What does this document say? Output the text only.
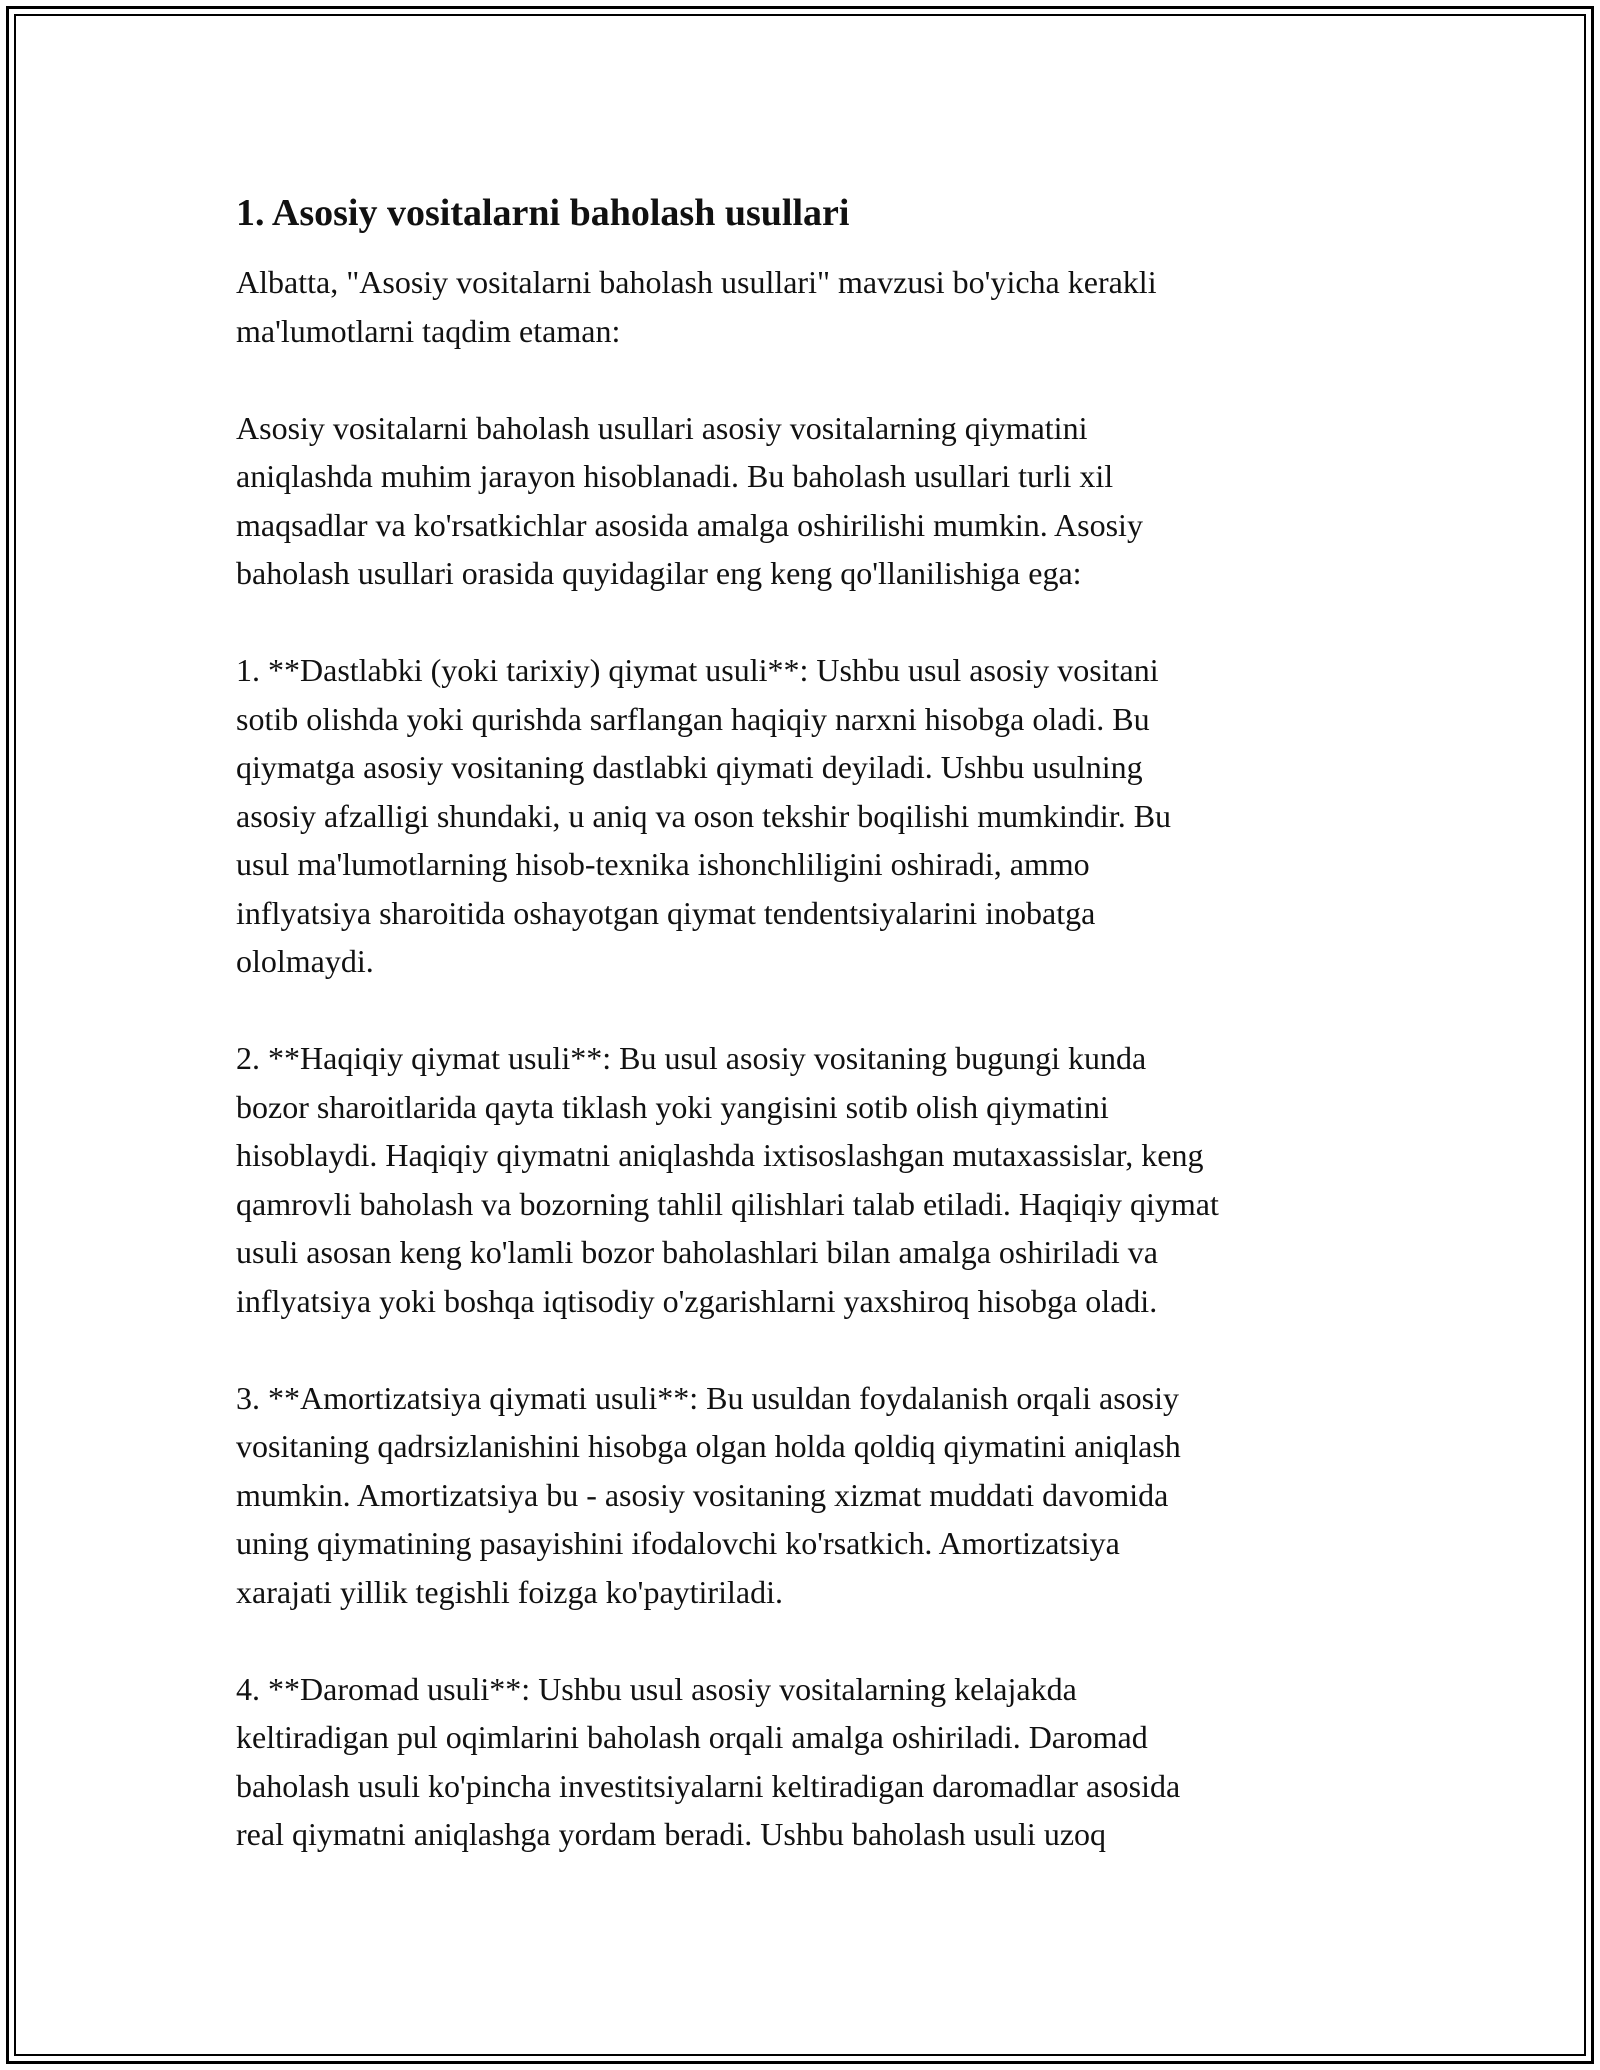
1. Asosiy vositalarni baholash usullari
Albatta, "Asosiy vositalarni baholash usullari" mavzusi bo'yicha kerakli
ma'lumotlarni taqdim etaman:
Asosiy vositalarni baholash usullari asosiy vositalarning qiymatini
aniqlashda muhim jarayon hisoblanadi. Bu baholash usullari turli xil
maqsadlar va ko'rsatkichlar asosida amalga oshirilishi mumkin. Asosiy
baholash usullari orasida quyidagilar eng keng qo'llanilishiga ega:
1. **Dastlabki (yoki tarixiy) qiymat usuli**: Ushbu usul asosiy vositani
sotib olishda yoki qurishda sarflangan haqiqiy narxni hisobga oladi. Bu
qiymatga asosiy vositaning dastlabki qiymati deyiladi. Ushbu usulning
asosiy afzalligi shundaki, u aniq va oson tekshir boqilishi mumkindir. Bu
usul ma'lumotlarning hisob-texnika ishonchliligini oshiradi, ammo
inflyatsiya sharoitida oshayotgan qiymat tendentsiyalarini inobatga
ololmaydi.
2. **Haqiqiy qiymat usuli**: Bu usul asosiy vositaning bugungi kunda
bozor sharoitlarida qayta tiklash yoki yangisini sotib olish qiymatini
hisoblaydi. Haqiqiy qiymatni aniqlashda ixtisoslashgan mutaxassislar, keng
qamrovli baholash va bozorning tahlil qilishlari talab etiladi. Haqiqiy qiymat
usuli asosan keng ko'lamli bozor baholashlari bilan amalga oshiriladi va
inflyatsiya yoki boshqa iqtisodiy o'zgarishlarni yaxshiroq hisobga oladi.
3. **Amortizatsiya qiymati usuli**: Bu usuldan foydalanish orqali asosiy
vositaning qadrsizlanishini hisobga olgan holda qoldiq qiymatini aniqlash
mumkin. Amortizatsiya bu - asosiy vositaning xizmat muddati davomida
uning qiymatining pasayishini ifodalovchi ko'rsatkich. Amortizatsiya
xarajati yillik tegishli foizga ko'paytiriladi.
4. **Daromad usuli**: Ushbu usul asosiy vositalarning kelajakda
keltiradigan pul oqimlarini baholash orqali amalga oshiriladi. Daromad
baholash usuli ko'pincha investitsiyalarni keltiradigan daromadlar asosida
real qiymatni aniqlashga yordam beradi. Ushbu baholash usuli uzoq
